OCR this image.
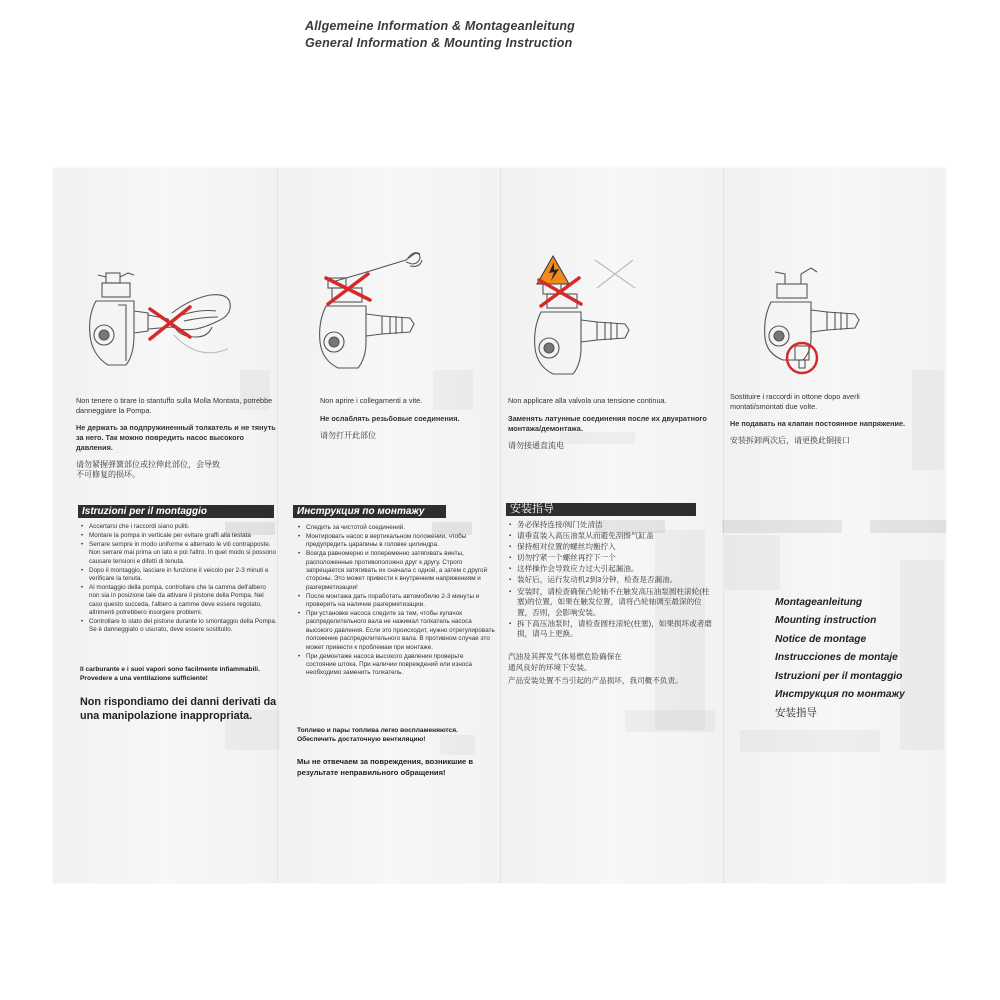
Allgemeine Information & Montageanleitung
General Information & Mounting Instruction
Non tenere o tirare lo stantuffo sulla Molla Montata, potrebbe danneggiare la Pompa.
Не держать за подпружиненный толкатель и не тянуть за него. Так можно повредить насос высокого давления.
请勿紧握弹簧部位或拉伸此部位，会导致不可修复的损坏。
Non aprire i collegamenti a vite.
Не ослаблять резьбовые соединения.
请勿打开此部位
Non applicare alla valvola una tensione continua.
Заменять латунные соединения после их двукратного монтажа/демонтажа.
请勿接通直流电
Sostituire i raccordi in ottone dopo averli montati/smontati due volte.
Не подавать на клапан постоянное напряжение.
安装拆卸两次后，请更换此铜接口
Istruzioni per il montaggio
• Accertarsi che i raccordi siano puliti.
• Montare la pompa in verticale per evitare graffi alla testata
• Serrare sempre in modo uniforme e alternato le viti contrapposte. Non serrare mai prima un lato e poi l'altro. In quel modo si possono causare tensioni e difetti di tenuta.
• Dopo il montaggio, lasciare in funzione il veicolo per 2-3 minuti e verificare la tenuta.
• Al montaggio della pompa, controllare che la camma dell'albero non sia in posizione tale da attivare il pistone della Pompa. Nel caso questo succeda, l'albero a camme deve essere regolato, altrimenti potrebbero insorgere problemi.
• Controllare lo stato del pistone durante lo smontaggio della Pompa. Se è danneggiato o usurato, deve essere sostituito.
Il carburante e i suoi vapori sono facilmente infiammabili. Provedere a una ventilazione sufficiente!
Non rispondiamo dei danni derivati da una manipolazione inappropriata.
Инструкция по монтажу
• Следить за чистотой соединений.
• Монтировать насос в вертикальном положении, чтобы предупредить царапины в головке цилиндра.
• Всегда равномерно и попеременно затягивать винты, расположенные противоположно друг к другу. Строго запрещается затягивать их сначала с одной, а затем с другой стороны. Это может привести к внутренним напряжениям и разгерметизации!
• После монтажа дать поработать автомобилю 2-3 минуты и проверить на наличие разгерметизации.
• При установке насоса следите за тем, чтобы кулачок распределительного вала не нажимал толкатель насоса высокого давления. Если это происходит, нужно отрегулировать положение распределительного вала. В противном случае это может привести к проблемам при монтаже.
• При демонтаже насоса высокого давления проверьте состояние штока. При наличии повреждений или износа необходимо заменить толкатель.
Топливо и пары топлива легко воспламеняются. Обеспечить достаточную вентиляцию!
Мы не отвечаем за повреждения, возникшие в результате неправильного обращения!
安装指导
▪ 务必保持连接/阀门处清洁
▪ 请垂直装入高压油泵从而避免刮擦气缸盖
▪ 保持相对位置的螺丝均衡拧入
▪ 切勿拧紧一个螺丝再拧下一个
▪ 这样操作会导致应力过大引起漏油。
▪ 装好后，运行发动机2到3分钟，检查是否漏油。
▪ 安装时，请检查确保凸轮轴不在触发高压油泵圆柱滚轮(柱塞)的位置，如果在触发位置，请将凸轮轴调至最深的位置，否则，会影响安装。
▪ 拆下高压油泵时，请检查圆柱滚轮(柱塞)，如果损坏或者磨损，请马上更换。
汽油及其挥发气体易燃危险确保在通风良好的环境下安装。
产品安装处置不当引起的产品损坏，我司概不负责。
Montageanleitung
Mounting instruction
Notice de montage
Instrucciones de montaje
Istruzioni per il montaggio
Инструкция по монтажу
安装指导
